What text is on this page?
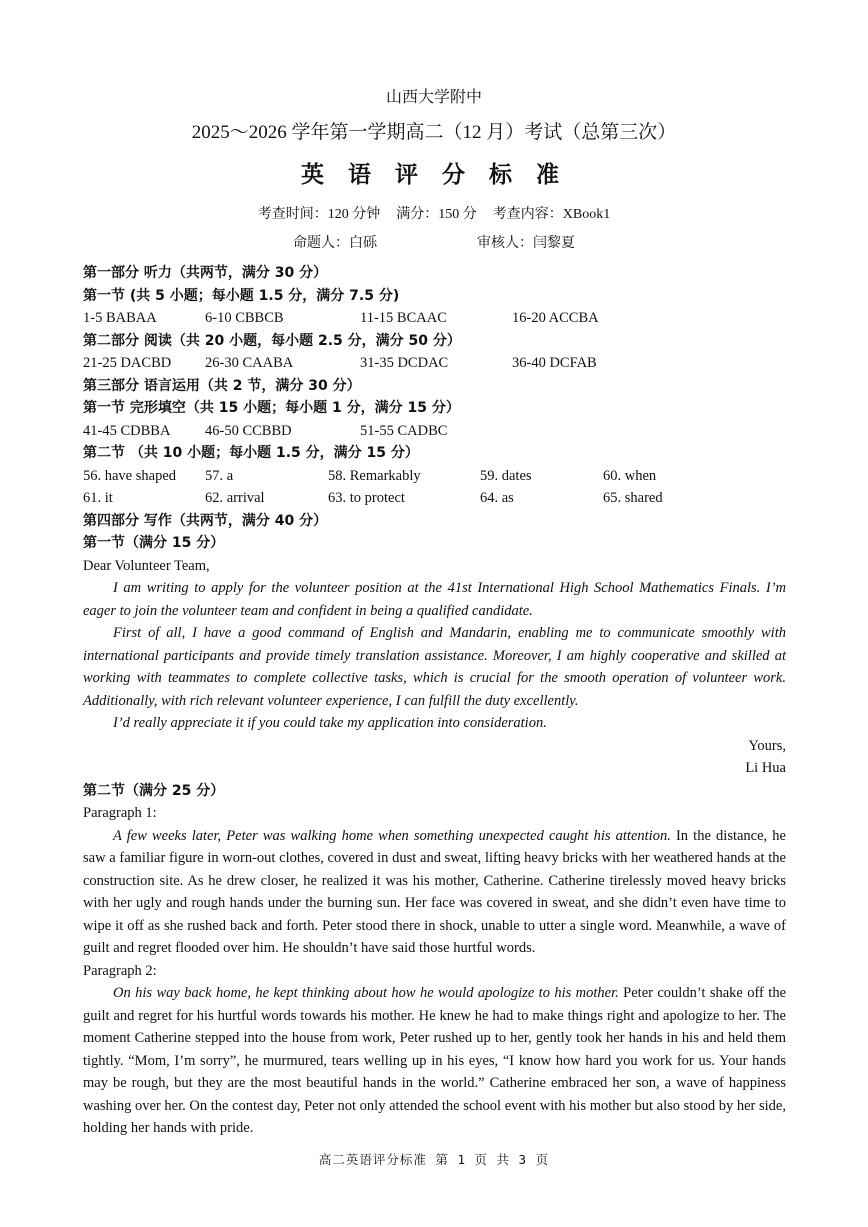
山西大学附中
2025～2026 学年第一学期高二（12 月）考试（总第三次）
英 语 评 分 标 准
考查时间：120 分钟 满分：150 分 考查内容：XBook1
命题人：白砾	审核人：闫黎夏
第一部分 听力（共两节，满分 30 分）
第一节 (共 5 小题；每小题 1.5 分，满分 7.5 分)
1-5 BABAA	6-10 CBBCB	11-15 BCAAC	16-20 ACCBA
第二部分 阅读（共 20 小题，每小题 2.5 分，满分 50 分）
21-25 DACBD	26-30 CAABA	31-35 DCDAC	36-40 DCFAB
第三部分 语言运用（共 2 节，满分 30 分）
第一节 完形填空（共 15 小题；每小题 1 分，满分 15 分）
41-45 CDBBA	46-50 CCBBD	51-55 CADBC
第二节 （共 10 小题；每小题 1.5 分，满分 15 分）
56. have shaped	57. a	58. Remarkably	59. dates	60. when
61. it	62. arrival	63. to protect	64. as	65. shared
第四部分 写作（共两节，满分 40 分）
第一节（满分 15 分）
Dear Volunteer Team,
I am writing to apply for the volunteer position at the 41st International High School Mathematics Finals. I’m eager to join the volunteer team and confident in being a qualified candidate.
First of all, I have a good command of English and Mandarin, enabling me to communicate smoothly with international participants and provide timely translation assistance. Moreover, I am highly cooperative and skilled at working with teammates to complete collective tasks, which is crucial for the smooth operation of volunteer work. Additionally, with rich relevant volunteer experience, I can fulfill the duty excellently.
I’d really appreciate it if you could take my application into consideration.
Yours,
Li Hua
第二节（满分 25 分）
Paragraph 1:
A few weeks later, Peter was walking home when something unexpected caught his attention. In the distance, he saw a familiar figure in worn-out clothes, covered in dust and sweat, lifting heavy bricks with her weathered hands at the construction site. As he drew closer, he realized it was his mother, Catherine. Catherine tirelessly moved heavy bricks with her ugly and rough hands under the burning sun. Her face was covered in sweat, and she didn’t even have time to wipe it off as she rushed back and forth. Peter stood there in shock, unable to utter a single word. Meanwhile, a wave of guilt and regret flooded over him. He shouldn’t have said those hurtful words.
Paragraph 2:
On his way back home, he kept thinking about how he would apologize to his mother. Peter couldn’t shake off the guilt and regret for his hurtful words towards his mother. He knew he had to make things right and apologize to her. The moment Catherine stepped into the house from work, Peter rushed up to her, gently took her hands in his and held them tightly. “Mom, I’m sorry”, he murmured, tears welling up in his eyes, “I know how hard you work for us. Your hands may be rough, but they are the most beautiful hands in the world.” Catherine embraced her son, a wave of happiness washing over her. On the contest day, Peter not only attended the school event with his mother but also stood by her side, holding her hands with pride.
高二英语评分标准 第 1 页 共 3 页
